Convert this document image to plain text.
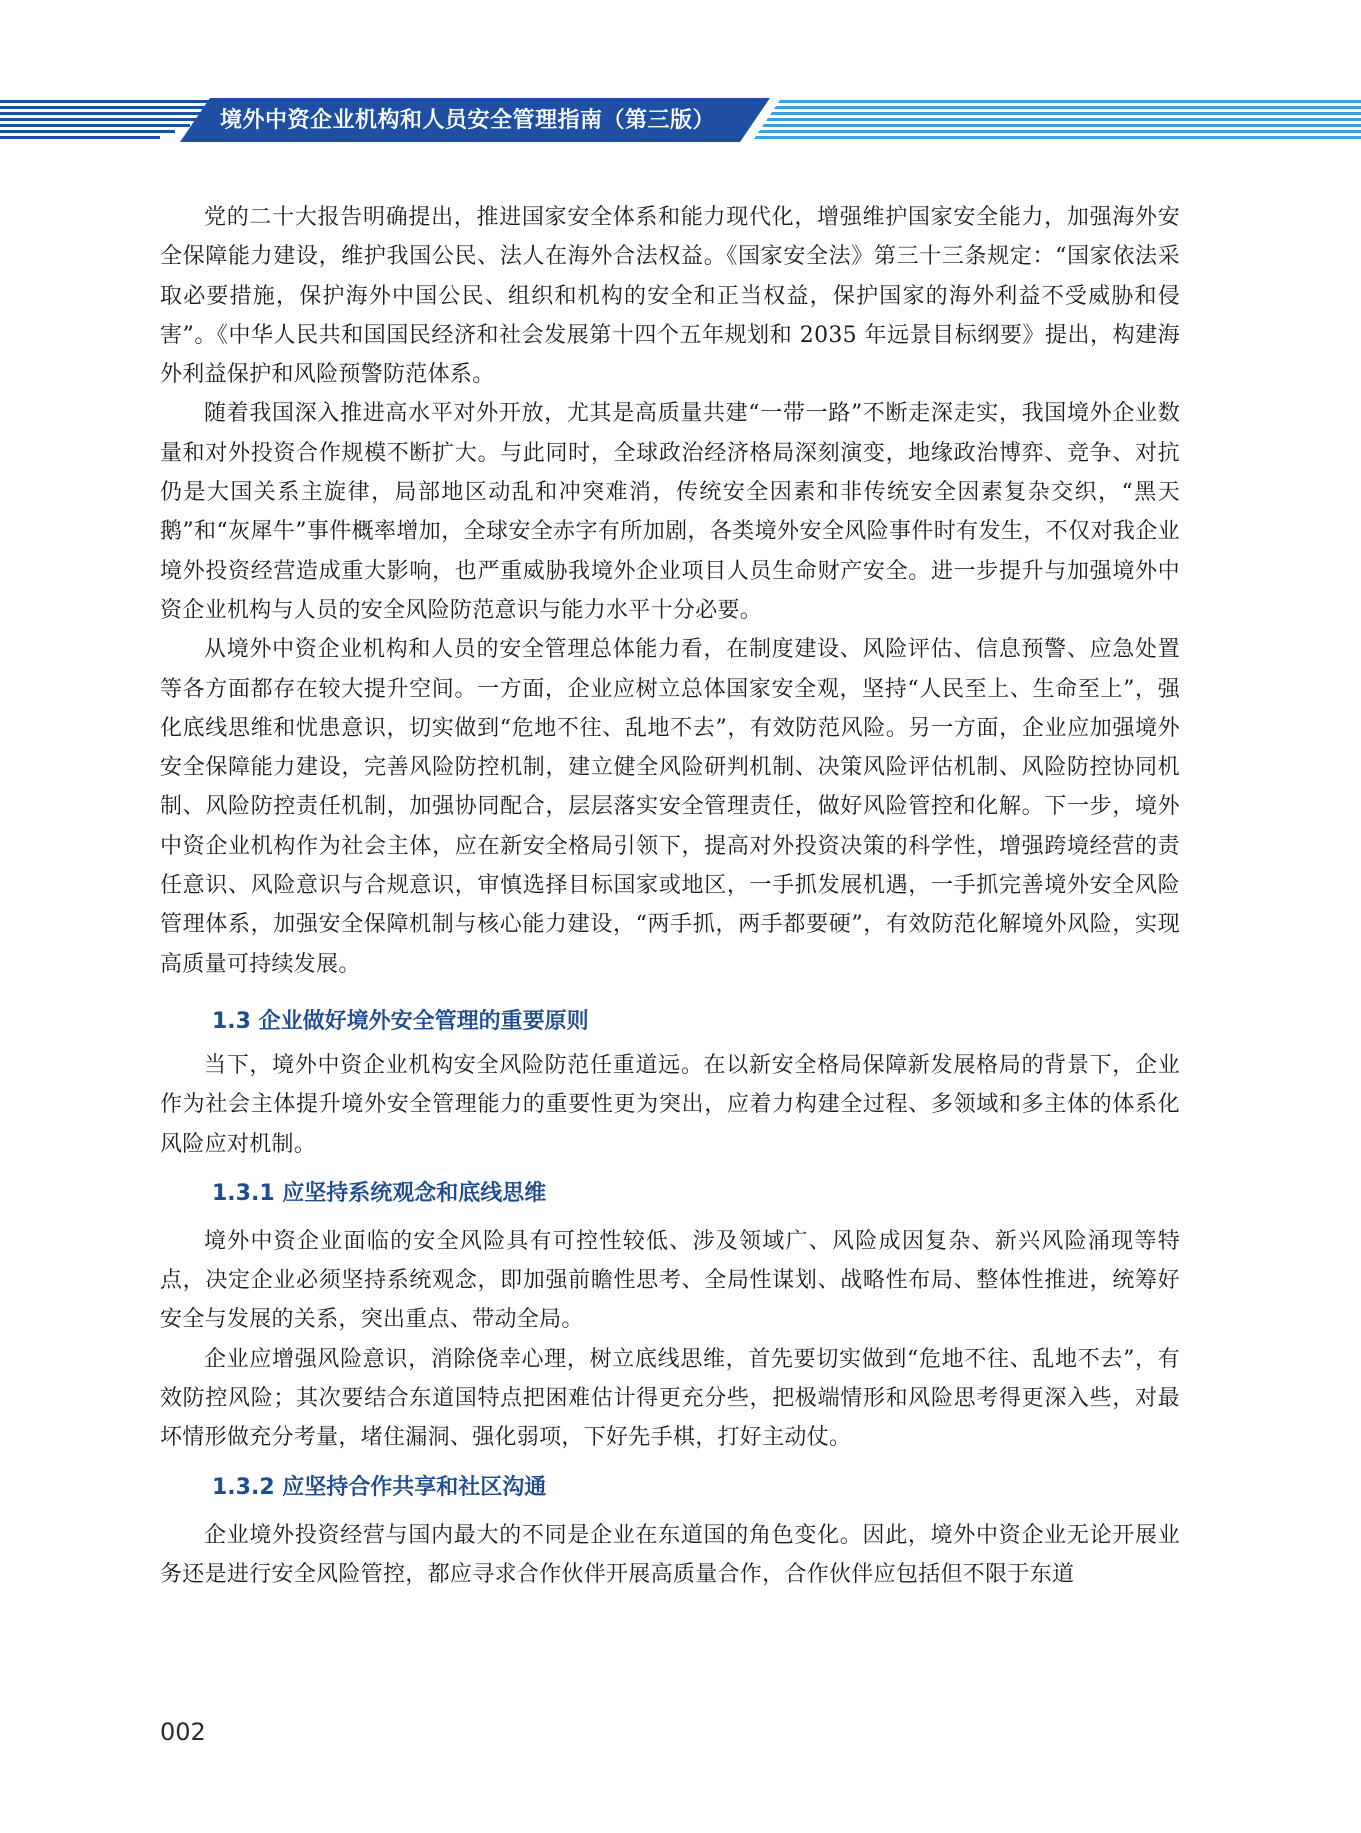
境外中资企业机构和人员安全管理指南（第三版）

党的二十大报告明确提出，推进国家安全体系和能力现代化，增强维护国家安全能力，加强海外安全保障能力建设，维护我国公民、法人在海外合法权益。《国家安全法》第三十三条规定：“国家依法采取必要措施，保护海外中国公民、组织和机构的安全和正当权益，保护国家的海外利益不受威胁和侵害”。《中华人民共和国国民经济和社会发展第十四个五年规划和 2035 年远景目标纲要》提出，构建海外利益保护和风险预警防范体系。

随着我国深入推进高水平对外开放，尤其是高质量共建“一带一路”不断走深走实，我国境外企业数量和对外投资合作规模不断扩大。与此同时，全球政治经济格局深刻演变，地缘政治博弈、竞争、对抗仍是大国关系主旋律，局部地区动乱和冲突难消，传统安全因素和非传统安全因素复杂交织，“黑天鹅”和“灰犀牛”事件概率增加，全球安全赤字有所加剧，各类境外安全风险事件时有发生，不仅对我企业境外投资经营造成重大影响，也严重威胁我境外企业项目人员生命财产安全。进一步提升与加强境外中资企业机构与人员的安全风险防范意识与能力水平十分必要。

从境外中资企业机构和人员的安全管理总体能力看，在制度建设、风险评估、信息预警、应急处置等各方面都存在较大提升空间。一方面，企业应树立总体国家安全观，坚持“人民至上、生命至上”，强化底线思维和忧患意识，切实做到“危地不往、乱地不去”，有效防范风险。另一方面，企业应加强境外安全保障能力建设，完善风险防控机制，建立健全风险研判机制、决策风险评估机制、风险防控协同机制、风险防控责任机制，加强协同配合，层层落实安全管理责任，做好风险管控和化解。下一步，境外中资企业机构作为社会主体，应在新安全格局引领下，提高对外投资决策的科学性，增强跨境经营的责任意识、风险意识与合规意识，审慎选择目标国家或地区，一手抓发展机遇，一手抓完善境外安全风险管理体系，加强安全保障机制与核心能力建设，“两手抓，两手都要硬”，有效防范化解境外风险，实现高质量可持续发展。

1.3 企业做好境外安全管理的重要原则

当下，境外中资企业机构安全风险防范任重道远。在以新安全格局保障新发展格局的背景下，企业作为社会主体提升境外安全管理能力的重要性更为突出，应着力构建全过程、多领域和多主体的体系化风险应对机制。

1.3.1 应坚持系统观念和底线思维

境外中资企业面临的安全风险具有可控性较低、涉及领域广、风险成因复杂、新兴风险涌现等特点，决定企业必须坚持系统观念，即加强前瞻性思考、全局性谋划、战略性布局、整体性推进，统筹好安全与发展的关系，突出重点、带动全局。

企业应增强风险意识，消除侥幸心理，树立底线思维，首先要切实做到“危地不往、乱地不去”，有效防控风险；其次要结合东道国特点把困难估计得更充分些，把极端情形和风险思考得更深入些，对最坏情形做充分考量，堵住漏洞、强化弱项，下好先手棋，打好主动仗。

1.3.2 应坚持合作共享和社区沟通

企业境外投资经营与国内最大的不同是企业在东道国的角色变化。因此，境外中资企业无论开展业务还是进行安全风险管控，都应寻求合作伙伴开展高质量合作，合作伙伴应包括但不限于东道

002
